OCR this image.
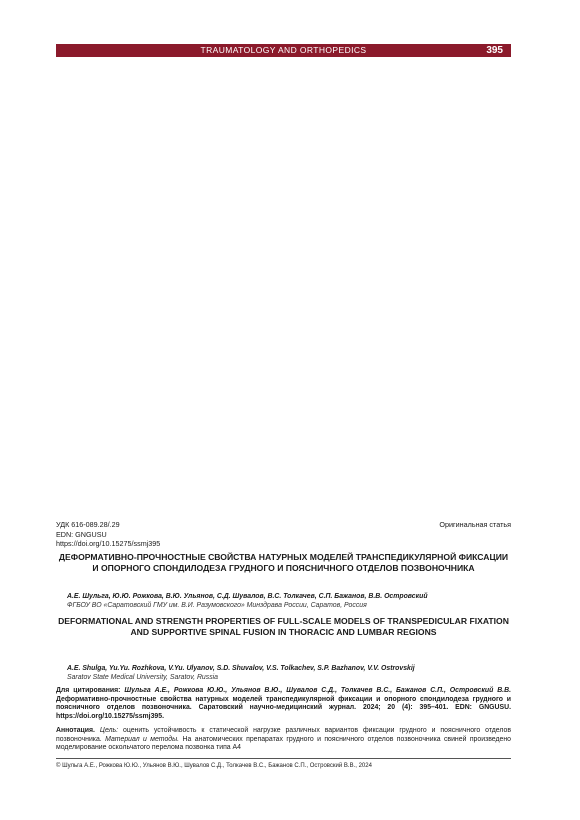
TRAUMATOLOGY AND ORTHOPEDICS	395
УДК 616-089.28/.29
EDN: GNGUSU
https://doi.org/10.15275/ssmj395
Оригинальная статья
ДЕФОРМАТИВНО-ПРОЧНОСТНЫЕ СВОЙСТВА НАТУРНЫХ МОДЕЛЕЙ ТРАНСПЕДИКУЛЯРНОЙ ФИКСАЦИИ И ОПОРНОГО СПОНДИЛОДЕЗА ГРУДНОГО И ПОЯСНИЧНОГО ОТДЕЛОВ ПОЗВОНОЧНИКА
А.Е. Шульга, Ю.Ю. Рожкова, В.Ю. Ульянов, С.Д. Шувалов, В.С. Толкачев, С.П. Бажанов, В.В. Островский
ФГБОУ ВО «Саратовский ГМУ им. В.И. Разумовского» Минздрава России, Саратов, Россия
DEFORMATIONAL AND STRENGTH PROPERTIES OF FULL-SCALE MODELS OF TRANSPEDICULAR FIXATION AND SUPPORTIVE SPINAL FUSION IN THORACIC AND LUMBAR REGIONS
A.E. Shulga, Yu.Yu. Rozhkova, V.Yu. Ulyanov, S.D. Shuvalov, V.S. Tolkachev, S.P. Bazhanov, V.V. Ostrovskij
Saratov State Medical University, Saratov, Russia
Для цитирования: Шульга А.Е., Рожкова Ю.Ю., Ульянов В.Ю., Шувалов С.Д., Толкачев В.С., Бажанов С.П., Островский В.В. Деформативно-прочностные свойства натурных моделей транспедикулярной фиксации и опорного спондилодеза грудного и поясничного отделов позвоночника. Саратовский научно-медицинский журнал. 2024; 20 (4): 395–401. EDN: GNGUSU. https://doi.org/10.15275/ssmj395.
Аннотация. Цель: оценить устойчивость к статической нагрузке различных вариантов фиксации грудного и поясничного отделов позвоночника. Материал и методы. На анатомических препаратах грудного и поясничного отделов позвоночника свиней произведено моделирование оскольчатого перелома позвонка типа А4
© Шульга А.Е., Рожкова Ю.Ю., Ульянов В.Ю., Шувалов С.Д., Толкачев В.С., Бажанов С.П., Островский В.В., 2024
